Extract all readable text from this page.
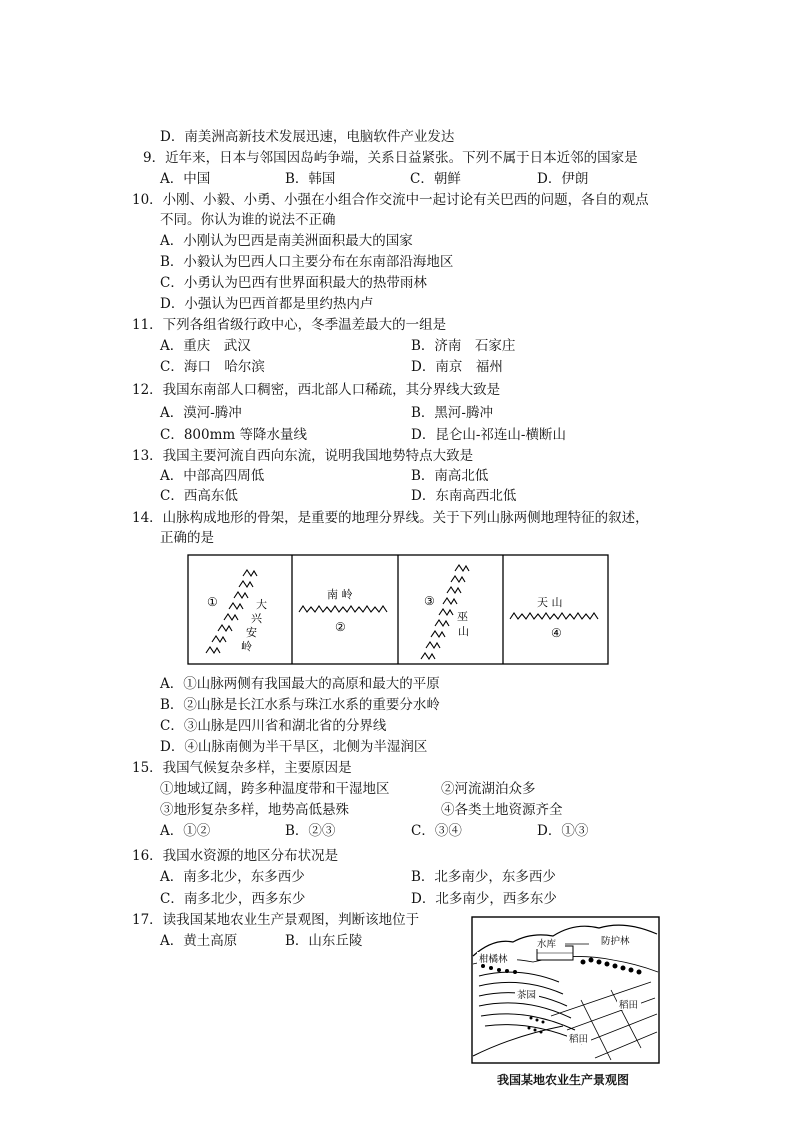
D．南美洲高新技术发展迅速，电脑软件产业发达
9．近年来，日本与邻国因岛屿争端，关系日益紧张。下列不属于日本近邻的国家是
A．中国	B．韩国	C．朝鲜	D．伊朗
10．小刚、小毅、小勇、小强在小组合作交流中一起讨论有关巴西的问题，各自的观点
不同。你认为谁的说法不正确
A．小刚认为巴西是南美洲面积最大的国家
B．小毅认为巴西人口主要分布在东南部沿海地区
C．小勇认为巴西有世界面积最大的热带雨林
D．小强认为巴西首都是里约热内卢
11．下列各组省级行政中心，冬季温差最大的一组是
A．重庆　武汉	B．济南　石家庄
C．海口　哈尔滨	D．南京　福州
12．我国东南部人口稠密，西北部人口稀疏，其分界线大致是
A．漠河-腾冲	B．黑河-腾冲
C．800mm 等降水量线	D．昆仑山-祁连山-横断山
13．我国主要河流自西向东流，说明我国地势特点大致是
A．中部高四周低	B．南高北低
C．西高东低	D．东南高西北低
14．山脉构成地形的骨架，是重要的地理分界线。关于下列山脉两侧地理特征的叙述，
正确的是
①	大
兴
安
岭
南 岭
②
③
巫
山
天 山
④
A．①山脉两侧有我国最大的高原和最大的平原
B．②山脉是长江水系与珠江水系的重要分水岭
C．③山脉是四川省和湖北省的分界线
D．④山脉南侧为半干旱区，北侧为半湿润区
15．我国气候复杂多样，主要原因是
①地域辽阔，跨多种温度带和干湿地区	②河流湖泊众多
③地形复杂多样，地势高低悬殊	④各类土地资源齐全
A．①②	B．②③	C．③④	D．①③
16．我国水资源的地区分布状况是
A．南多北少，东多西少	B．北多南少，东多西少
C．南多北少，西多东少	D．北多南少，西多东少
17．读我国某地农业生产景观图，判断该地位于
A．黄土高原	B．山东丘陵	水库	防护林
柑橘林
茶园
稻田
稻田
我国某地农业生产景观图
